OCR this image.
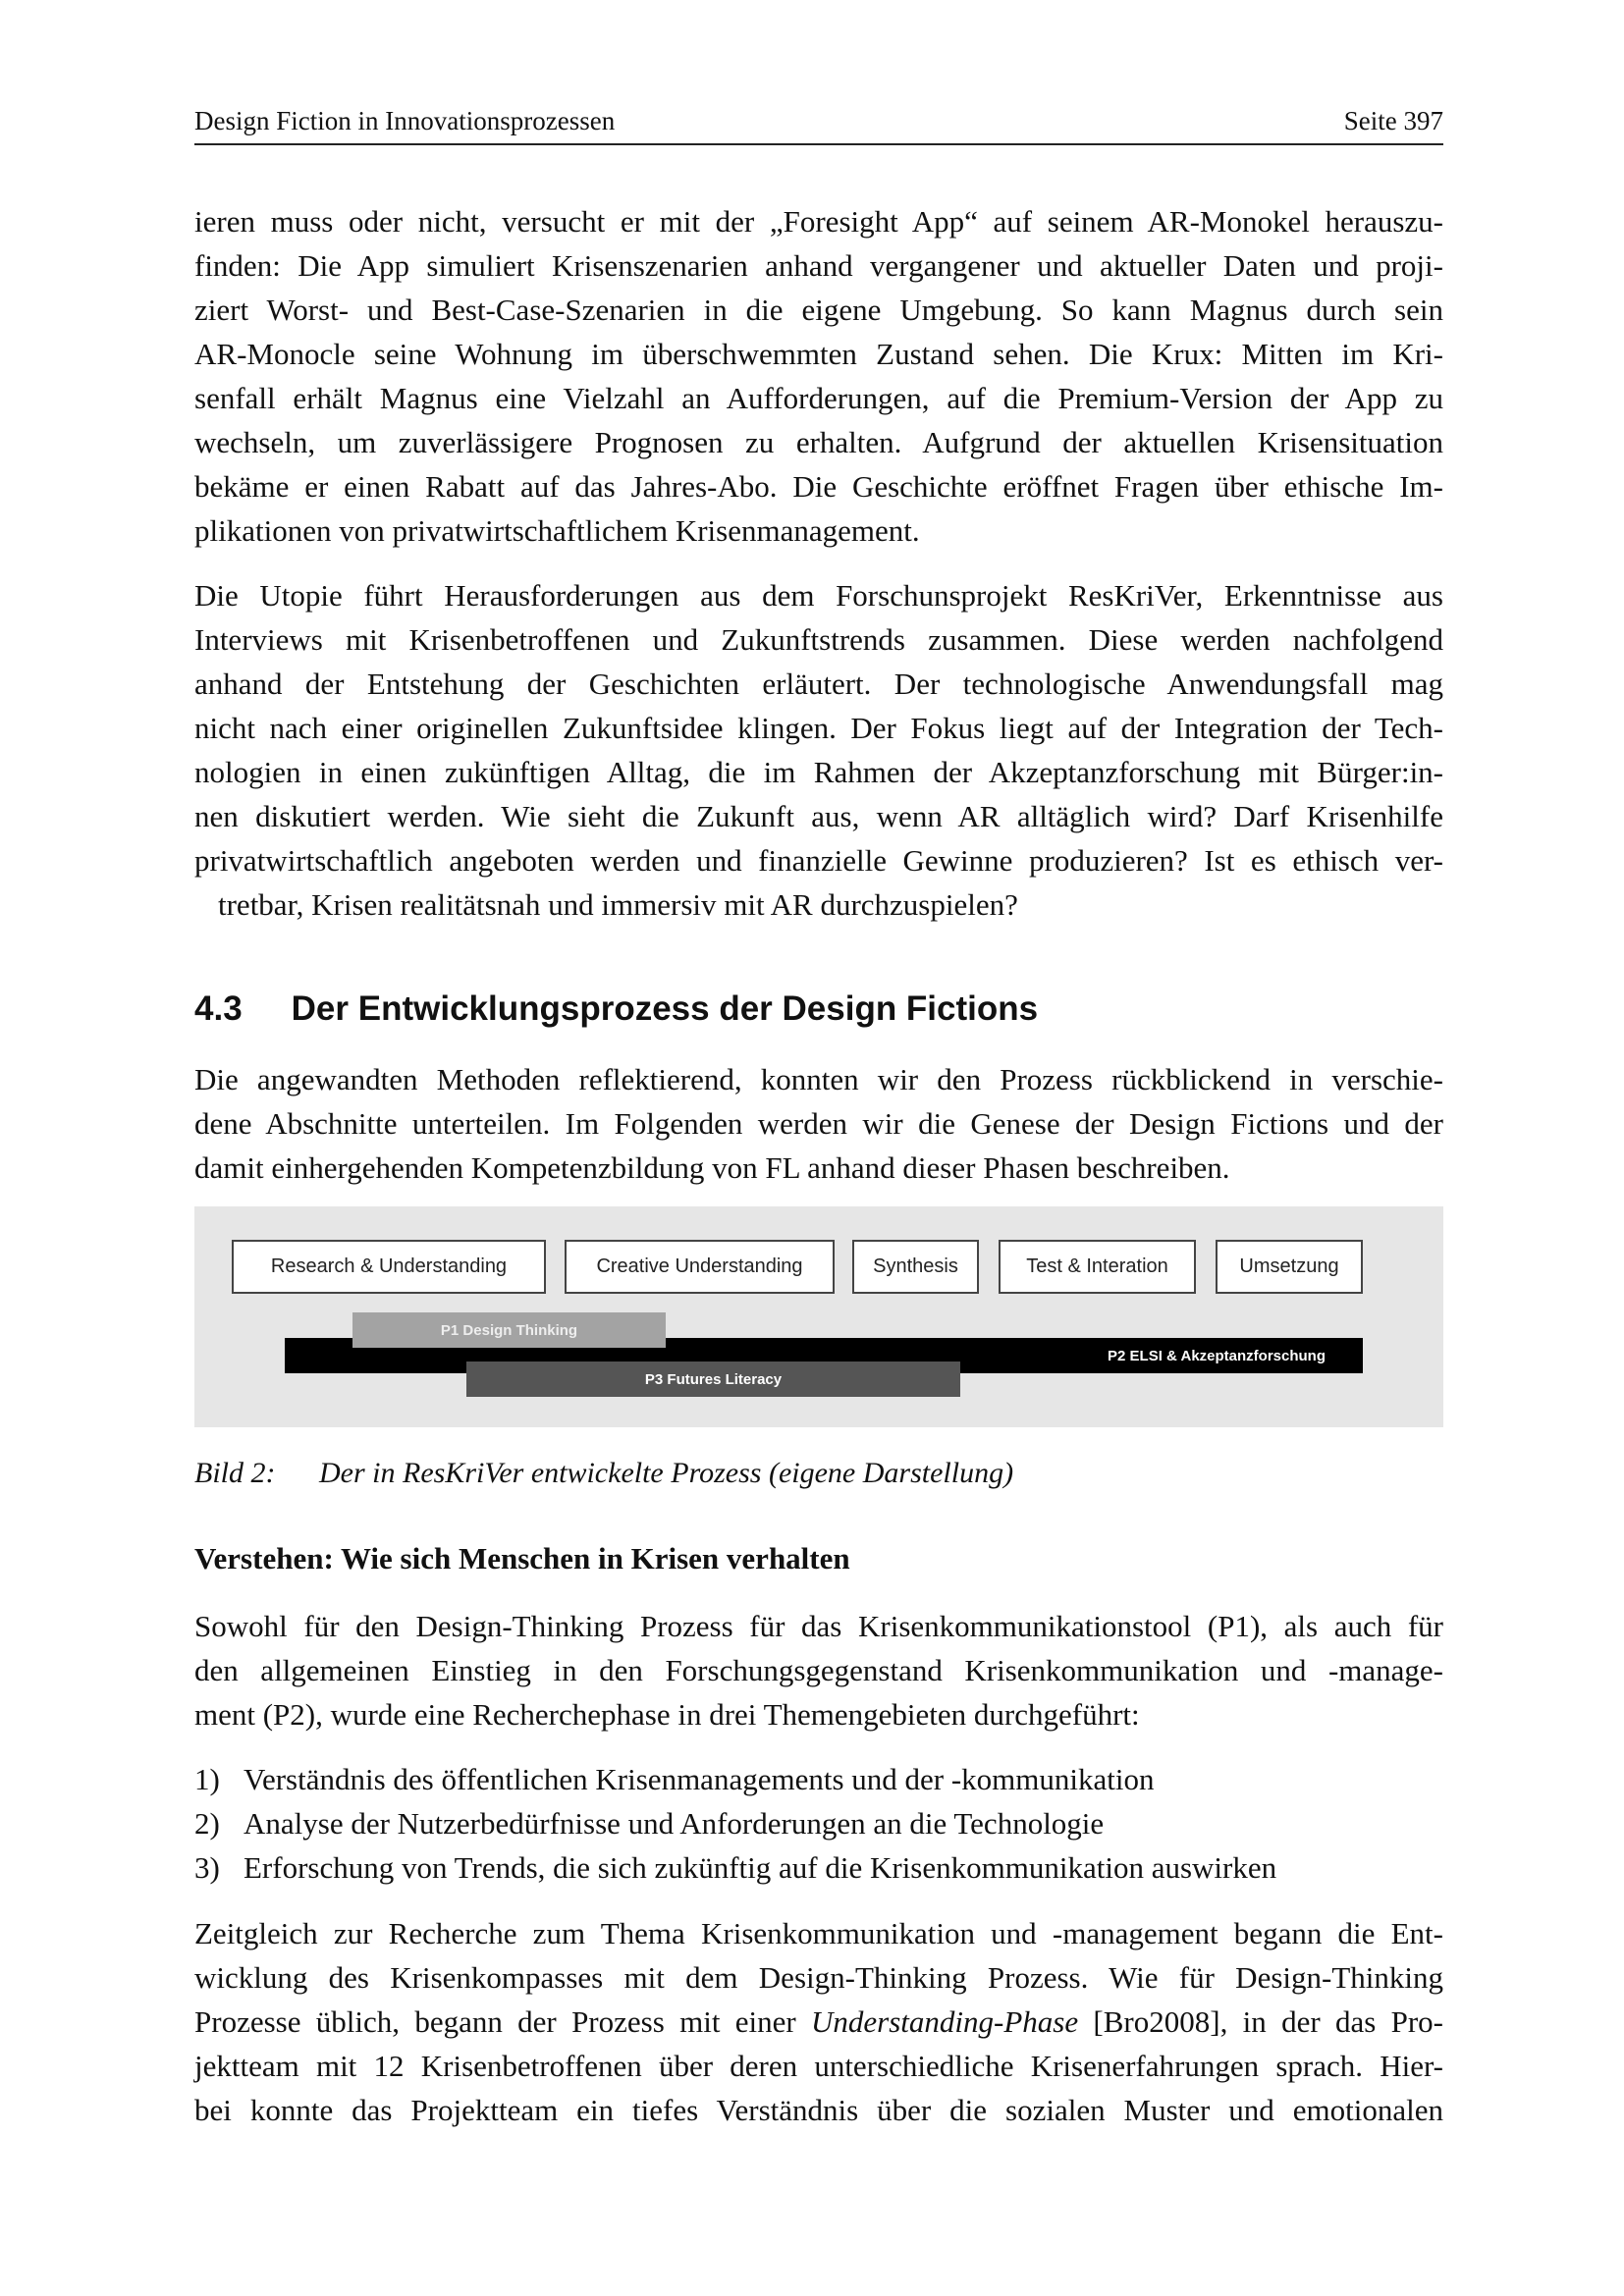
Design Fiction in Innovationsprozessen	Seite 397
ieren muss oder nicht, versucht er mit der „Foresight App“ auf seinem AR-Monokel herauszu-
finden: Die App simuliert Krisenszenarien anhand vergangener und aktueller Daten und proji-
ziert Worst- und Best-Case-Szenarien in die eigene Umgebung. So kann Magnus durch sein
AR-Monocle seine Wohnung im überschwemmten Zustand sehen. Die Krux: Mitten im Kri-
senfall erhält Magnus eine Vielzahl an Aufforderungen, auf die Premium-Version der App zu
wechseln, um zuverlässigere Prognosen zu erhalten. Aufgrund der aktuellen Krisensituation
bekäme er einen Rabatt auf das Jahres-Abo. Die Geschichte eröffnet Fragen über ethische Im-
plikationen von privatwirtschaftlichem Krisenmanagement.
Die Utopie führt Herausforderungen aus dem Forschunsprojekt ResKriVer, Erkenntnisse aus
Interviews mit Krisenbetroffenen und Zukunftstrends zusammen. Diese werden nachfolgend
anhand der Entstehung der Geschichten erläutert. Der technologische Anwendungsfall mag
nicht nach einer originellen Zukunftsidee klingen. Der Fokus liegt auf der Integration der Tech-
nologien in einen zukünftigen Alltag, die im Rahmen der Akzeptanzforschung mit Bürger:in-
nen diskutiert werden. Wie sieht die Zukunft aus, wenn AR alltäglich wird? Darf Krisenhilfe
privatwirtschaftlich angeboten werden und finanzielle Gewinne produzieren? Ist es ethisch ver-
tretbar, Krisen realitätsnah und immersiv mit AR durchzuspielen?
4.3 Der Entwicklungsprozess der Design Fictions
Die angewandten Methoden reflektierend, konnten wir den Prozess rückblickend in verschie-
dene Abschnitte unterteilen. Im Folgenden werden wir die Genese der Design Fictions und der
damit einhergehenden Kompetenzbildung von FL anhand dieser Phasen beschreiben.
Research & Understanding	Creative Understanding	Synthesis	Test & Interation	Umsetzung
P2 ELSI & Akzeptanzforschung
P1 Design Thinking
P3 Futures Literacy
Bild 2: Der in ResKriVer entwickelte Prozess (eigene Darstellung)
Verstehen: Wie sich Menschen in Krisen verhalten
Sowohl für den Design-Thinking Prozess für das Krisenkommunikationstool (P1), als auch für
den allgemeinen Einstieg in den Forschungsgegenstand Krisenkommunikation und -manage-
ment (P2), wurde eine Recherchephase in drei Themengebieten durchgeführt:
1) Verständnis des öffentlichen Krisenmanagements und der -kommunikation
2) Analyse der Nutzerbedürfnisse und Anforderungen an die Technologie
3) Erforschung von Trends, die sich zukünftig auf die Krisenkommunikation auswirken
Zeitgleich zur Recherche zum Thema Krisenkommunikation und -management begann die Ent-
wicklung des Krisenkompasses mit dem Design-Thinking Prozess. Wie für Design-Thinking
Prozesse üblich, begann der Prozess mit einer Understanding-Phase [Bro2008], in der das Pro-
jektteam mit 12 Krisenbetroffenen über deren unterschiedliche Krisenerfahrungen sprach. Hier-
bei konnte das Projektteam ein tiefes Verständnis über die sozialen Muster und emotionalen
